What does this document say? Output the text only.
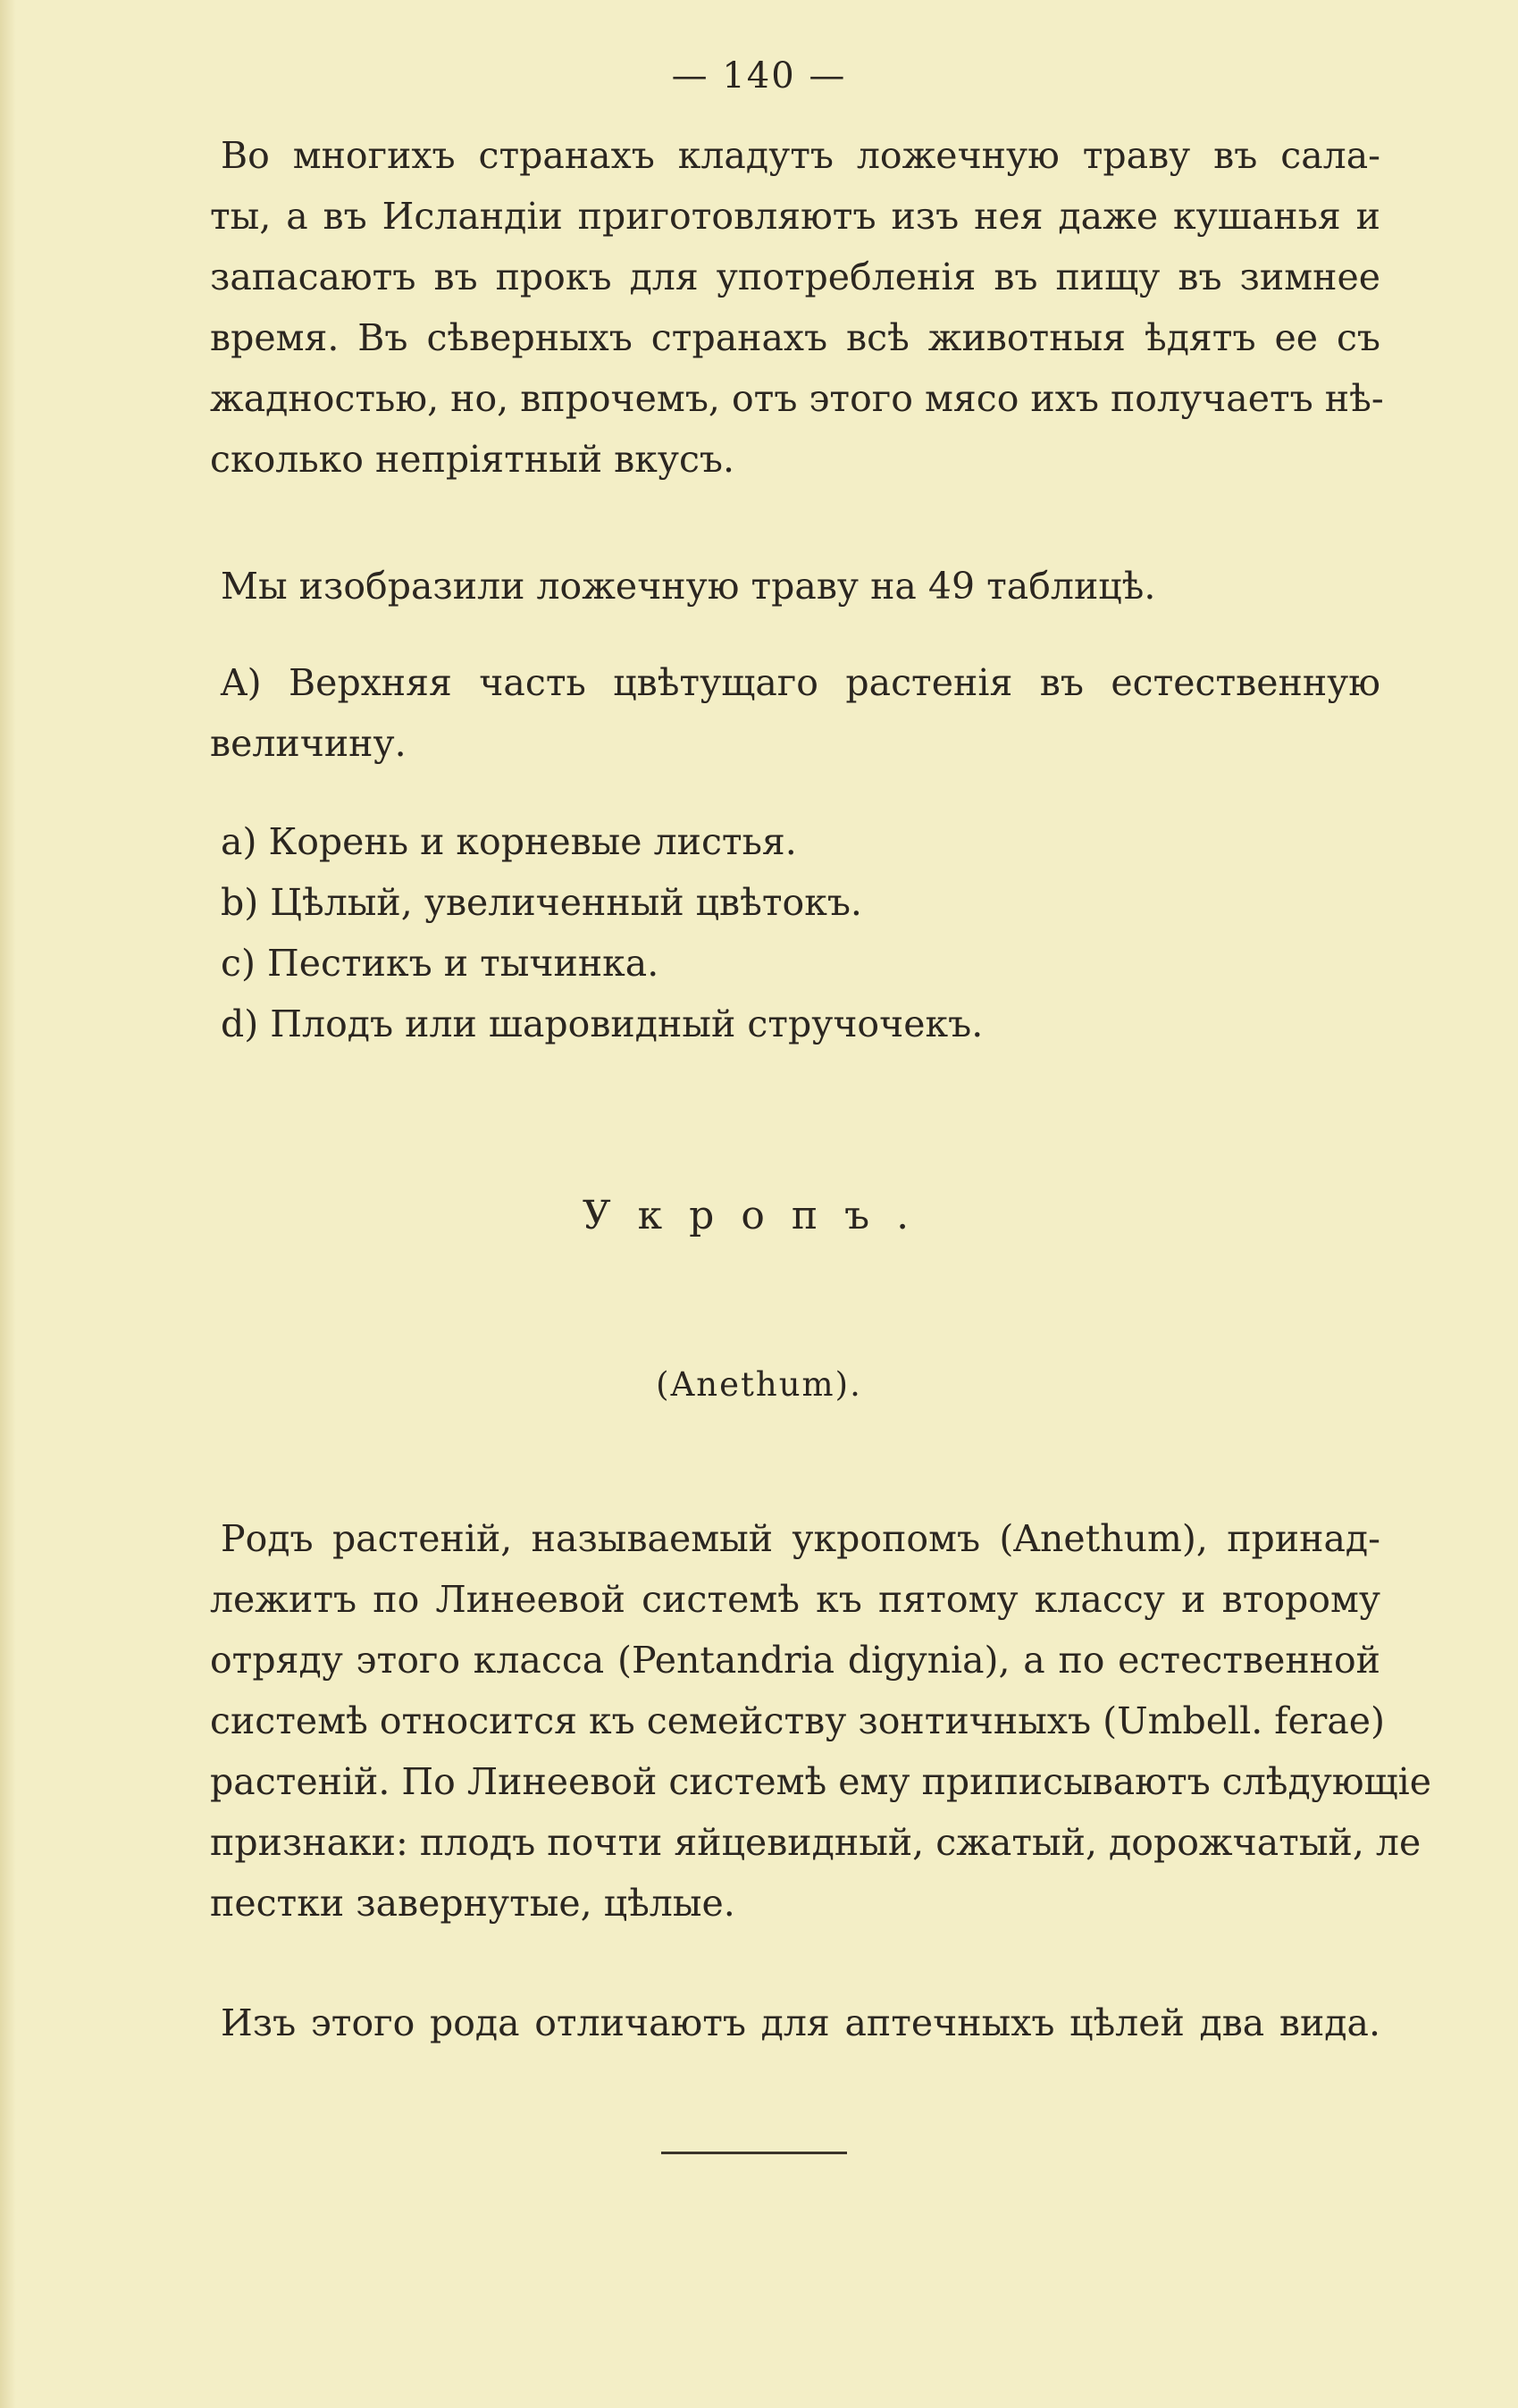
— 140 —

Во многихъ странахъ кладутъ ложечную траву въ сала-
ты, а въ Исландіи приготовляютъ изъ нея даже кушанья и
запасаютъ въ прокъ для употребленія въ пищу въ зимнее
время. Въ сѣверныхъ странахъ всѣ животныя ѣдятъ ее съ
жадностью, но, впрочемъ, отъ этого мясо ихъ получаетъ нѣ-
сколько непріятный вкусъ.

Мы изобразили ложечную траву на 49 таблицѣ.

A) Верхняя часть цвѣтущаго растенія въ естественную
величину.

a) Корень и корневые листья.

b) Цѣлый, увеличенный цвѣтокъ.

c) Пестикъ и тычинка.

d) Плодъ или шаровидный стручочекъ.

Укропъ.
(Anethum).

Родъ растеній, называемый укропомъ (Anethum), принад-
лежитъ по Линеевой системѣ къ пятому классу и второму
отряду этого класса (Pentandria digynia), а по естественной
системѣ относится къ семейству зонтичныхъ (Umbell. ferae)
растеній. По Линеевой системѣ ему приписываютъ слѣдующіе
признаки: плодъ почти яйцевидный, сжатый, дорожчатый, ле
пестки завернутые, цѣлые.

Изъ этого рода отличаютъ для аптечныхъ цѣлей два вида.
